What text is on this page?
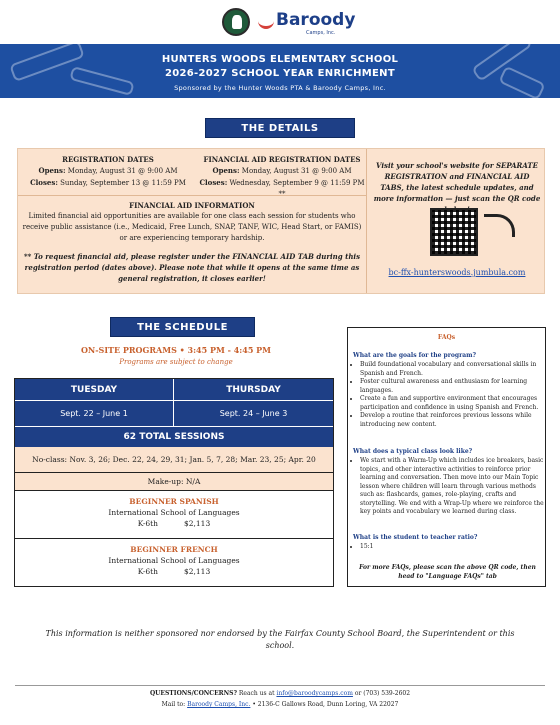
Baroody
Camps, Inc.
HUNTERS WOODS ELEMENTARY SCHOOL
2026-2027 SCHOOL YEAR ENRICHMENT
Sponsored by the Hunter Woods PTA & Baroody Camps, Inc.
THE DETAILS
REGISTRATION DATES
Opens: Monday, August 31 @ 9:00 AM
Closes: Sunday, September 13 @ 11:59 PM
FINANCIAL AID REGISTRATION DATES
Opens: Monday, August 31 @ 9:00 AM
Closes: Wednesday, September 9 @ 11:59 PM **
FINANCIAL AID INFORMATION
Limited financial aid opportunities are available for one class each session for students who receive public assistance (i.e., Medicaid, Free Lunch, SNAP, TANF, WIC, Head Start, or FAMIS) or are experiencing temporary hardship.
** To request financial aid, please register under the FINANCIAL AID TAB during this registration period (dates above). Please note that while it opens at the same time as general registration, it closes earlier!
Visit your school's website for SEPARATE REGISTRATION and FINANCIAL AID TABS, the latest schedule updates, and more information — just scan the QR code
bc-ffx-hunterswoods.jumbula.com
THE SCHEDULE
ON-SITE PROGRAMS • 3:45 PM - 4:45 PM
Programs are subject to change
TUESDAY	THURSDAY
Sept. 22 – June 1	Sept. 24 – June 3
62 TOTAL SESSIONS
No-class: Nov. 3, 26; Dec. 22, 24, 29, 31; Jan. 5, 7, 28; Mar. 23, 25; Apr. 20
Make-up: N/A
BEGINNER SPANISH
International School of Languages
K-6th	$2,113
BEGINNER FRENCH
International School of Languages
K-6th	$2,113
FAQs
What are the goals for the program?
• Build foundational vocabulary and conversational skills in Spanish and French.
• Foster cultural awareness and enthusiasm for learning languages.
• Create a fun and supportive environment that encourages participation and confidence in using Spanish and French.
• Develop a routine that reinforces previous lessons while introducing new content.
What does a typical class look like?
• We start with a Warm-Up which includes ice breakers, basic topics, and other interactive activities to reinforce prior learning and conversation. Then move into our Main Topic lesson where children will learn through various methods such as: flashcards, games, role-playing, crafts and storytelling. We end with a Wrap-Up where we reinforce the key points and vocabulary we learned during class.
What is the student to teacher ratio?
• 15:1
For more FAQs, please scan the above QR code, then head to "Language FAQs" tab
This information is neither sponsored nor endorsed by the Fairfax County School Board, the Superintendent or this school.
QUESTIONS/CONCERNS? Reach us at info@baroodycamps.com or (703) 539-2602
Mail to: Baroody Camps, Inc. • 2136-C Gallows Road, Dunn Loring, VA 22027
